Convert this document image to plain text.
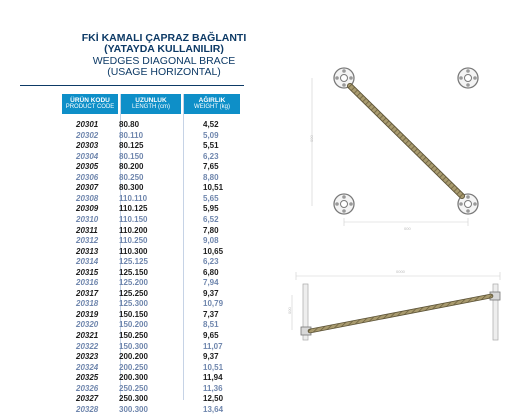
FKİ KAMALI ÇAPRAZ BAĞLANTI
(YATAYDA KULLANILIR)
WEDGES DIAGONAL BRACE
(USAGE HORIZONTAL)
ÜRÜN KODU
PRODUCT CODE
UZUNLUK
LENGTH (cm)
AĞIRLIK
WEIGHT (kg)
20301	80.80	4,52
20302	80.110	5,09
20303	80.125	5,51
20304	80.150	6,23
20305	80.200	7,65
20306	80.250	8,80
20307	80.300	10,51
20308	110.110	5,65
20309	110.125	5,95
20310	110.150	6,52
20311	110.200	7,80
20312	110.250	9,08
20313	110.300	10,65
20314	125.125	6,23
20315	125.150	6,80
20316	125.200	7,94
20317	125.250	9,37
20318	125.300	10,79
20319	150.150	7,37
20320	150.200	8,51
20321	150.250	9,65
20322	150.300	11,07
20323	200.200	9,37
20324	200.250	10,51
20325	200.300	11,94
20326	250.250	11,36
20327	250.300	12,50
20328	300.300	13,64
000
000
0000
000
